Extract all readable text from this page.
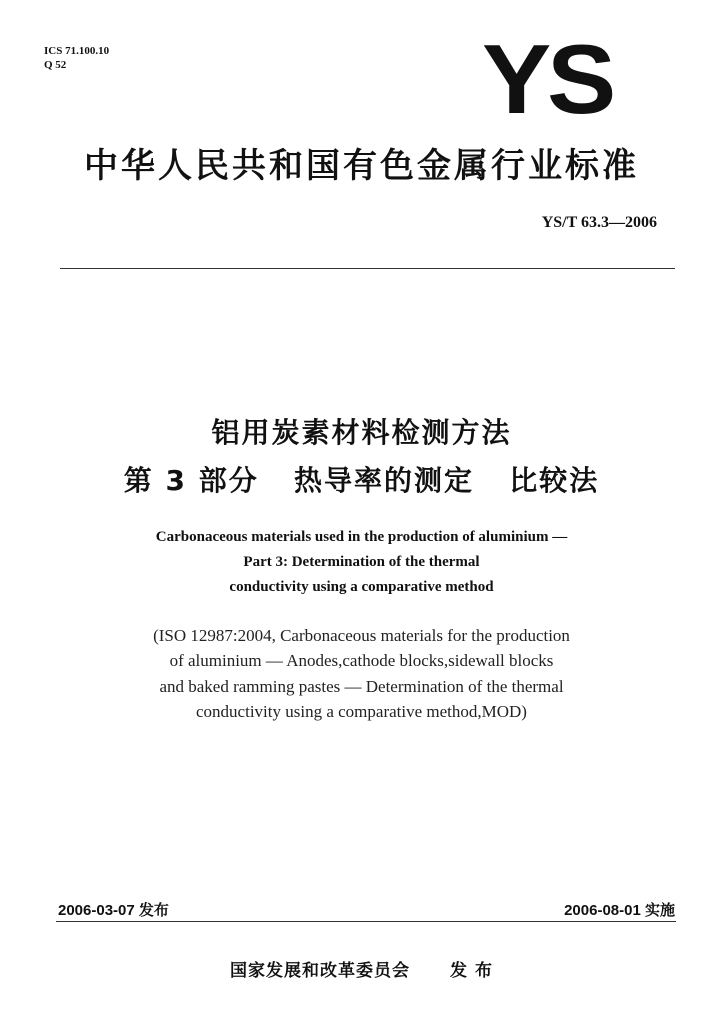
ICS 71.100.10
Q 52	YS
中华人民共和国有色金属行业标准
YS/T 63.3—2006
铝用炭素材料检测方法
第 3 部分   热导率的测定   比较法
Carbonaceous materials used in the production of aluminium —
Part 3: Determination of the thermal
conductivity using a comparative method
(ISO 12987:2004, Carbonaceous materials for the production
of aluminium — Anodes,cathode blocks,sidewall blocks
and baked ramming pastes — Determination of the thermal
conductivity using a comparative method,MOD)
2006-03-07 发布	2006-08-01 实施
国家发展和改革委员会 发 布
